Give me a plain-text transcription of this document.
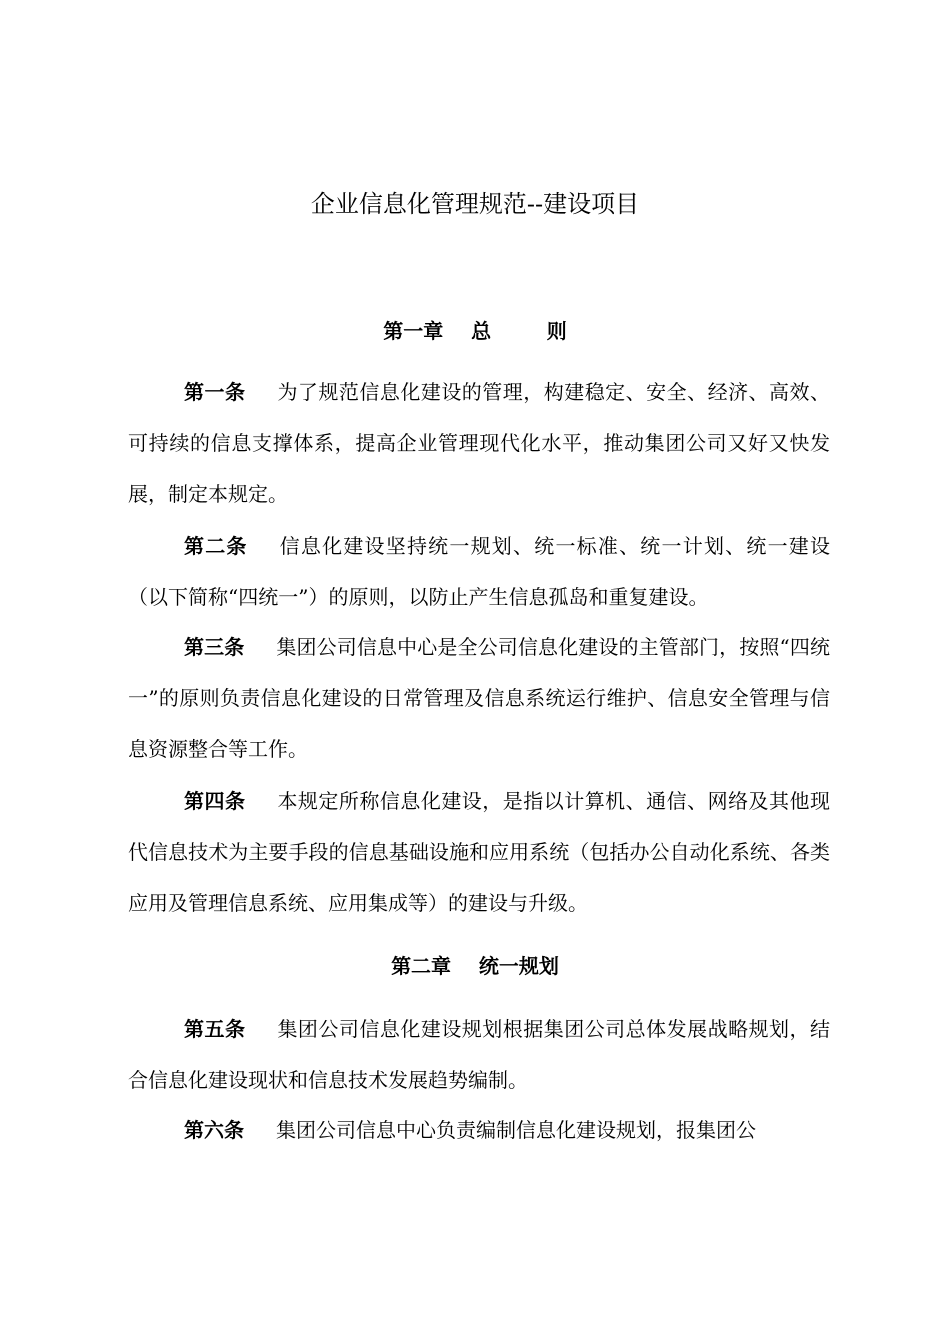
企业信息化管理规范--建设项目
第一章    总        则
第一条 为了规范信息化建设的管理，构建稳定、安全、经济、高效、可持续的信息支撑体系，提高企业管理现代化水平，推动集团公司又好又快发展，制定本规定。
第二条 信息化建设坚持统一规划、统一标准、统一计划、统一建设（以下简称“四统一”）的原则，以防止产生信息孤岛和重复建设。
第三条 集团公司信息中心是全公司信息化建设的主管部门，按照“四统一”的原则负责信息化建设的日常管理及信息系统运行维护、信息安全管理与信息资源整合等工作。
第四条 本规定所称信息化建设，是指以计算机、通信、网络及其他现代信息技术为主要手段的信息基础设施和应用系统（包括办公自动化系统、各类应用及管理信息系统、应用集成等）的建设与升级。
第二章    统一规划
第五条 集团公司信息化建设规划根据集团公司总体发展战略规划，结合信息化建设现状和信息技术发展趋势编制。
第六条 集团公司信息中心负责编制信息化建设规划，报集团公
